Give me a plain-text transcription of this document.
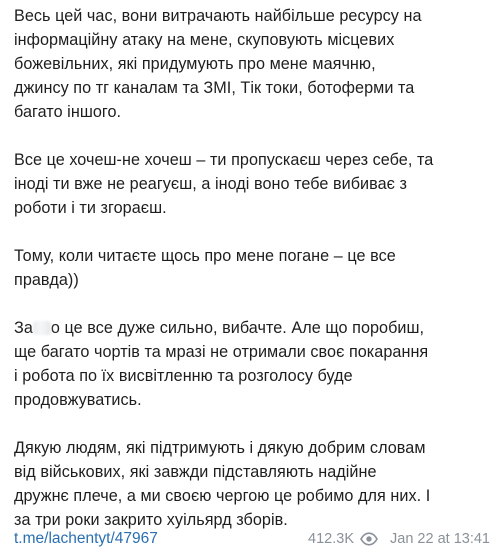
Весь цей час, вони витрачають найбільше ресурсу на
інформаційну атаку на мене, скуповують місцевих
божевільних, які придумують про мене маячню,
джинсу по тг каналам та ЗМІ, Тік токи, ботоферми та
багато іншого.

Все це хочеш-не хочеш – ти пропускаєш через себе, та
іноді ти вже не реагуєш, а іноді воно тебе вибиває з
роботи і ти згораєш.

Тому, коли читаєте щось про мене погане – це все
правда))

За о це все дуже сильно, вибачте. Але що поробиш,
ще багато чортів та мразі не отримали своє покарання
і робота по їх висвітленню та розголосу буде
продовжуватись.

Дякую людям, які підтримують і дякую добрим словам
від військових, які завжди підставляють надійне
дружнє плече, а ми своєю чергою це робимо для них. І
за три роки закрито хуільярд зборів.

t.me/lachentyt/47967	412.3K Jan 22 at 13:41
